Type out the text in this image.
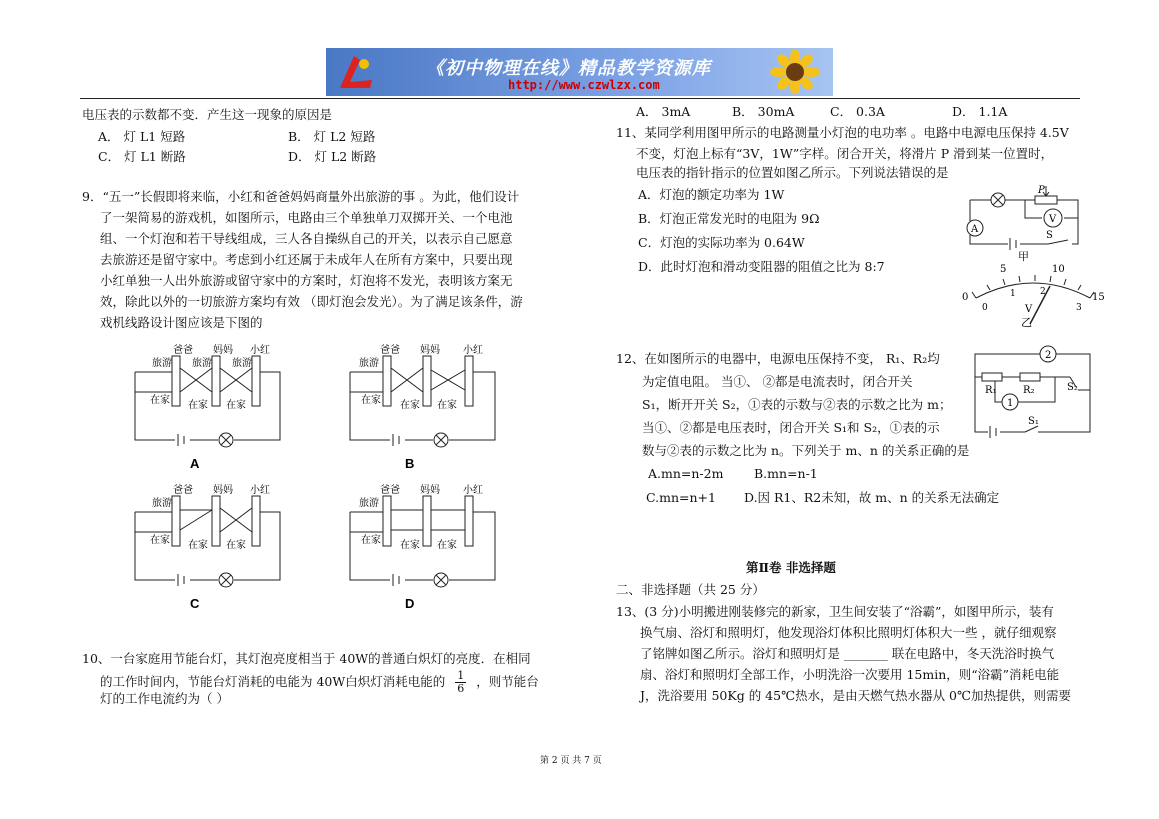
《初中物理在线》精品教学资源库
http://www.czwlzx.com
电压表的示数都不变．产生这一现象的原因是
A． 灯 L1 短路	B． 灯 L2 短路
C． 灯 L1 断路	D． 灯 L2 断路
9．“五一”长假即将来临，小红和爸爸妈妈商量外出旅游的事 。为此，他们设计
了一架简易的游戏机，如图所示，电路由三个单独单刀双掷开关、一个电池
组、一个灯泡和若干导线组成，三人各自操纵自己的开关，以表示自己愿意
去旅游还是留守家中。考虑到小红还属于未成年人在所有方案中，只要出现
小红单独一人出外旅游或留守家中的方案时，灯泡将不发光，表明该方案无
效，除此以外的一切旅游方案均有效 （即灯泡会发光）。为了满足该条件，游
戏机线路设计图应该是下图的
爸爸 妈妈 小红
旅游 旅游 旅游
在家 在家 在家
A
爸爸 妈妈 小红
旅游
在家 在家 在家
B
爸爸 妈妈 小红
旅游
在家 在家 在家
C
爸爸 妈妈 小红
旅游
在家 在家 在家
D
10、一台家庭用节能台灯，其灯泡亮度相当于 40W的普通白炽灯的亮度．在相同
的工作时间内，节能台灯消耗的电能为 40W白炽灯消耗电能的 $\frac{1}{6}$ ，则节能台
灯的工作电流约为（ ）
A． 3mA	B． 30mA	C． 0.3A	D． 1.1A
11、某同学利用图甲所示的电路测量小灯泡的电功率 。电路中电源电压保持 4.5V
不变，灯泡上标有“3V，1W”字样。闭合开关，将滑片 P 滑到某一位置时，
电压表的指针指示的位置如图乙所示。下列说法错误的是
A．灯泡的额定功率为 1W
B．灯泡正常发光时的电阻为 9Ω
C．灯泡的实际功率为 0.64W
D．此时灯泡和滑动变阻器的阻值之比为 8:7
A
P
V
S
甲
0
5	10
15
0
1	2
3
V
乙
12、在如图所示的电器中，电源电压保持不变， R₁、R₂均
为定值电阻。 当①、 ②都是电流表时，闭合开关
S₁，断开开关 S₂，①表的示数与②表的示数之比为 m；
当①、②都是电压表时，闭合开关 S₁和 S₂，①表的示
数与②表的示数之比为 n。下列关于 m、n 的关系正确的是
A.mn=n-2m B.mn=n-1
C.mn=n+1 D.因 R1、R2未知，故 m、n 的关系无法确定
2
R₁	R₂	S₂
1
S₁
第Ⅱ卷 非选择题
二、非选择题（共 25 分）
13、(3 分)小明搬进刚装修完的新家，卫生间安装了“浴霸”，如图甲所示，装有
换气扇、浴灯和照明灯，他发现浴灯体积比照明灯体积大一些 ，就仔细观察
了铭牌如图乙所示。浴灯和照明灯是 _______ 联在电路中，冬天洗浴时换气
扇、浴灯和照明灯全部工作，小明洗浴一次要用 15min，则“浴霸”消耗电能
J，洗浴要用 50Kg 的 45℃热水，是由天燃气热水器从 0℃加热提供，则需要
第 2 页 共 7 页
